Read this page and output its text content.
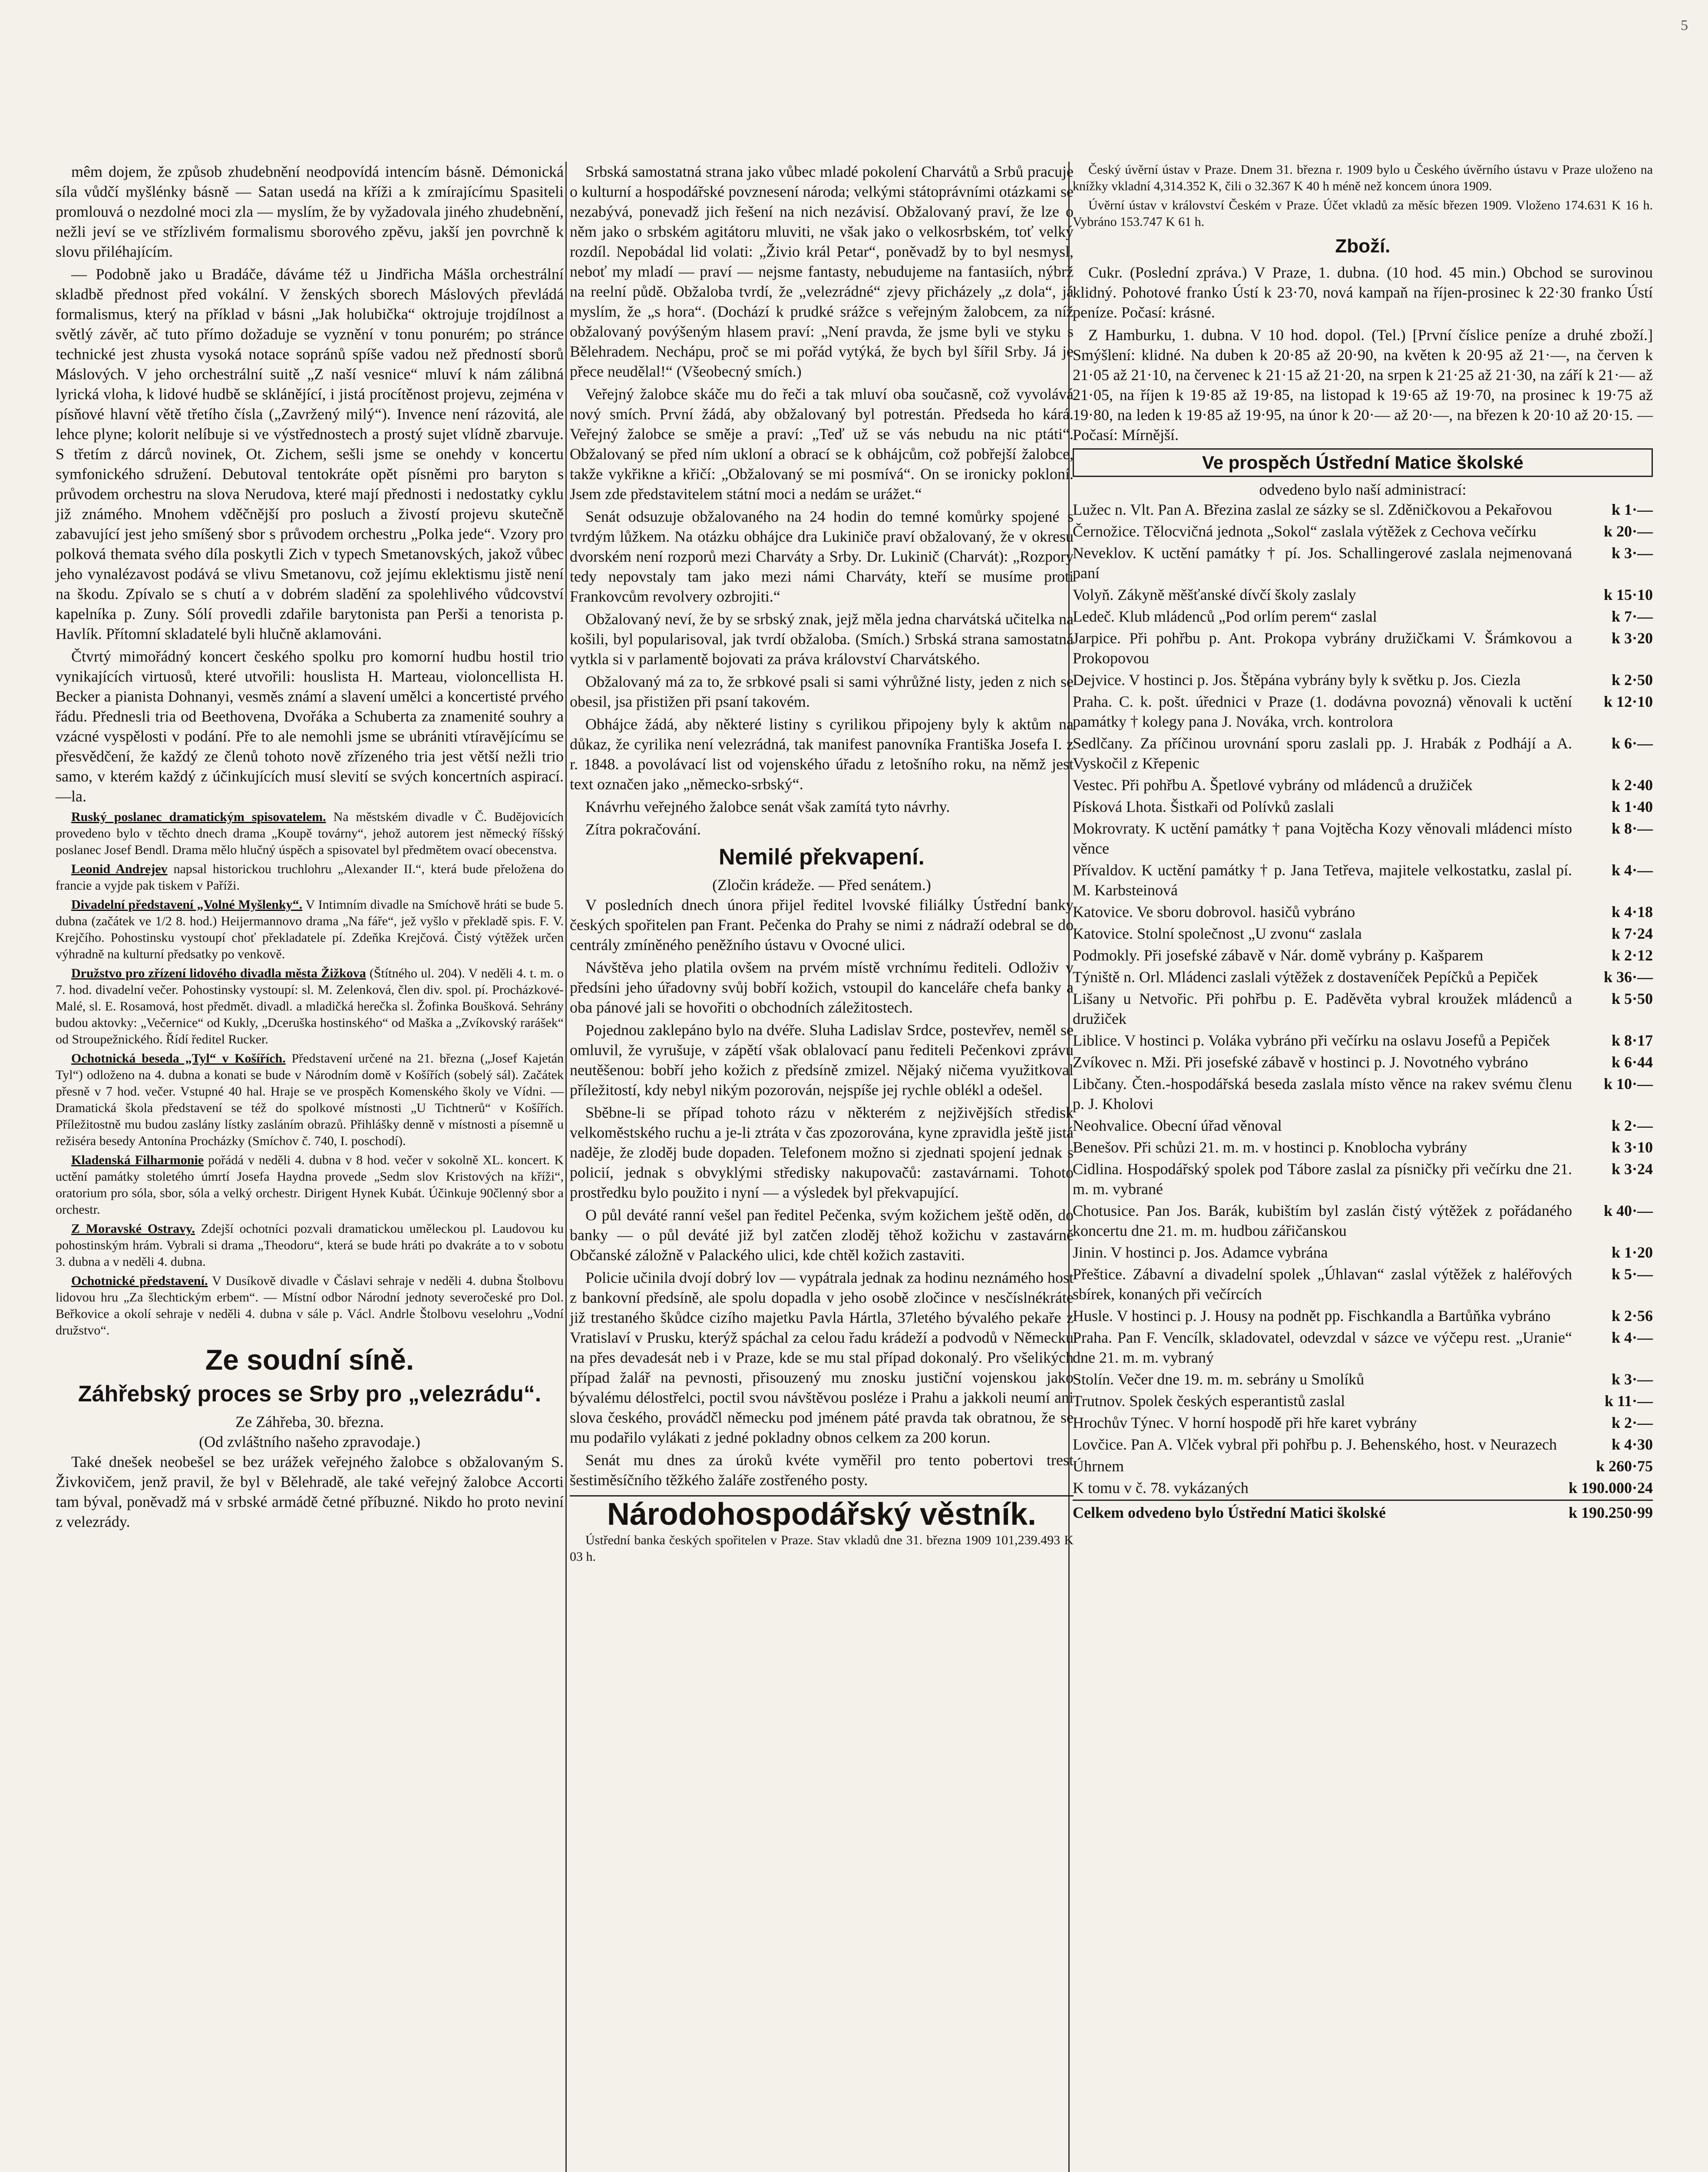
5

mêm dojem, že způsob zhudebnění neodpovídá intencím básně. Démonická síla vůdčí myšlénky básně — Satan usedá na kříži a k zmírajícímu Spasiteli promlouvá o nezdolné moci zla — myslím, že by vyžadovala jiného zhudebnění, nežli jeví se ve střízlivém formalismu sborového zpěvu, jakší jen povrchně k slovu přiléhajícím.

— Podobně jako u Bradáče, dáváme též u Jindřicha Mášla orchestrální skladbě přednost před vokální. V ženských sborech Máslových převládá formalismus, který na příklad v básni „Jak holubička“ oktrojuje trojdílnost a světlý závěr, ač tuto přímo dožaduje se vyznění v tonu ponurém; po stránce technické jest zhusta vysoká notace sopránů spíše vadou než předností sborů Máslových. V jeho orchestrální suitě „Z naší vesnice“ mluví k nám zálibná lyrická vloha, k lidové hudbě se sklánějící, i jistá procítěnost projevu, zejména v písňové hlavní větě třetího čísla („Zavržený milý“). Invence není rázovitá, ale lehce plyne; kolorit nelíbuje si ve výstřednostech a prostý sujet vlídně zbarvuje. S třetím z dárců novinek, Ot. Zichem, sešli jsme se onehdy v koncertu symfonického sdružení. Debutoval tentokráte opět písněmi pro baryton s průvodem orchestru na slova Nerudova, které mají přednosti i nedostatky cyklu již známého. Mnohem vděčnější pro posluch a živostí projevu skutečně zabavující jest jeho smíšený sbor s průvodem orchestru „Polka jede“. Vzory pro polková themata svého díla poskytli Zich v typech Smetanovských, jakož vůbec jeho vynalézavost podává se vlivu Smetanovu, což jejímu eklektismu jistě není na škodu. Zpívalo se s chutí a v dobrém sladění za spolehlivého vůdcovství kapelníka p. Zuny. Sólí provedli zdařile barytonista pan Perši a tenorista p. Havlík. Přítomní skladatelé byli hlučně aklamováni.

Čtvrtý mimořádný koncert českého spolku pro komorní hudbu hostil trio vynikajících virtuosů, které utvořili: houslista H. Marteau, violoncellista H. Becker a pianista Dohnanyi, vesměs známí a slavení umělci a koncertisté prvého řádu. Přednesli tria od Beethovena, Dvořáka a Schuberta za znamenité souhry a vzácné vyspělosti v podání. Pře to ale nemohli jsme se ubrániti vtíravějícímu se přesvědčení, že každý ze členů tohoto nově zřízeného tria jest větší nežli trio samo, v kterém každý z účinkujících musí slevití se svých koncertních aspirací. —la.

Ruský poslanec dramatickým spisovatelem. Na městském divadle v Č. Budějovicích provedeno bylo v těchto dnech drama „Koupě továrny“, jehož autorem jest německý říšský poslanec Josef Bendl. Drama mělo hlučný úspěch a spisovatel byl předmětem ovací obecenstva.

Leonid Andrejev napsal historickou truchlohru „Alexander II.“, která bude přeložena do francie a vyjde pak tiskem v Paříži.

Divadelní představení „Volné Myšlenky“. V Intimním divadle na Smíchově hráti se bude 5. dubna (začátek ve 1/2 8. hod.) Heijermannovo drama „Na fáře“, jež vyšlo v překladě spis. F. V. Krejčího. Pohostinsku vystoupí choť překladatele pí. Zdeňka Krejčová. Čistý výtěžek určen výhradně na kulturní předsatky po venkově.

Družstvo pro zřízení lidového divadla města Žižkova (Štítného ul. 204). V neděli 4. t. m. o 7. hod. divadelní večer. Pohostinsky vystoupí: sl. M. Zelenková, člen div. spol. pí. Procházkové-Malé, sl. E. Rosamová, host předmět. divadl. a mladičká herečka sl. Žofinka Boušková. Sehrány budou aktovky: „Večernice“ od Kukly, „Dceruška hostinského“ od Maška a „Zvíkovský rarášek“ od Stroupežnického. Řídí ředitel Rucker.

Ochotnická beseda „Tyl“ v Košířích. Představení určené na 21. března („Josef Kajetán Tyl“) odloženo na 4. dubna a konati se bude v Národním domě v Košířích (sobelý sál). Začátek přesně v 7 hod. večer. Vstupné 40 hal. Hraje se ve prospěch Komenského školy ve Vídni. — Dramatická škola představení se též do spolkové místnosti „U Tichtnerů“ v Košířích. Příležitostně mu budou zaslány lístky zasláním obrazů. Přihlášky denně v místnosti a písemně u režiséra besedy Antonína Procházky (Smíchov č. 740, I. poschodí).

Kladenská Filharmonie pořádá v neděli 4. dubna v 8 hod. večer v sokolně XL. koncert. K uctění památky stoletého úmrtí Josefa Haydna provede „Sedm slov Kristových na kříži“, oratorium pro sóla, sbor, sóla a velký orchestr. Dirigent Hynek Kubát. Účinkuje 90členný sbor a orchestr.

Z Moravské Ostravy. Zdejší ochotníci pozvali dramatickou uměleckou pl. Laudovou ku pohostinským hrám. Vybrali si drama „Theodoru“, která se bude hráti po dvakráte a to v sobotu 3. dubna a v neděli 4. dubna.

Ochotnické představení. V Dusíkově divadle v Čáslavi sehraje v neděli 4. dubna Štolbovu lidovou hru „Za šlechtickým erbem“. — Místní odbor Národní jednoty severočeské pro Dol. Beřkovice a okolí sehraje v neděli 4. dubna v sále p. Václ. Andrle Štolbovu veselohru „Vodní družstvo“.

Ze soudní síně.
Záhřebský proces se Srby pro „velezrádu“.
Ze Záhřeba, 30. března.
(Od zvláštního našeho zpravodaje.)

Také dnešek neobešel se bez urážek veřejného žalobce s obžalovaným S. Živkovičem, jenž pravil, že byl v Bělehradě, ale také veřejný žalobce Accorti tam býval, poněvadž má v srbské armádě četné příbuzné. Nikdo ho proto neviní z velezrády.

Srbská samostatná strana jako vůbec mladé pokolení Charvátů a Srbů pracuje o kulturní a hospodářské povznesení národa; velkými státoprávními otázkami se nezabývá, ponevadž jich řešení na nich nezávisí. Obžalovaný praví, že lze o něm jako o srbském agitátoru mluviti, ne však jako o velkosrbském, toť velký rozdíl. Nepobádal lid volati: „Živio král Petar“, poněvadž by to byl nesmysl, neboť my mladí — praví — nejsme fantasty, nebudujeme na fantasiích, nýbrž na reelní půdě. Obžaloba tvrdí, že „velezrádné“ zjevy přicházely „z dola“, já myslím, že „s hora“. (Dochází k prudké srážce s veřejným žalobcem, za níž obžalovaný povýšeným hlasem praví: „Není pravda, že jsme byli ve styku s Bělehradem. Nechápu, proč se mi pořád vytýká, že bych byl šířil Srby. Já je přece neudělal!“ (Všeobecný smích.)

Veřejný žalobce skáče mu do řeči a tak mluví oba současně, což vyvolává nový smích. První žádá, aby obžalovaný byl potrestán. Předseda ho kárá. Veřejný žalobce se směje a praví: „Teď už se vás nebudu na nic ptáti“. Obžalovaný se před ním ukloní a obrací se k obhájcům, což pobřejší žalobce, takže vykřikne a křičí: „Obžalovaný se mi posmívá“. On se ironicky pokloní. Jsem zde představitelem státní moci a nedám se urážet.“

Senát odsuzuje obžalovaného na 24 hodin do temné komůrky spojené s tvrdým lůžkem. Na otázku obhájce dra Lukiniče praví obžalovaný, že v okresu dvorském není rozporů mezi Charváty a Srby. Dr. Lukinič (Charvát): „Rozpory tedy nepovstaly tam jako mezi námi Charváty, kteří se musíme proti Frankovcům revolvery ozbrojiti.“

Obžalovaný neví, že by se srbský znak, jejž měla jedna charvátská učitelka na košili, byl popularisoval, jak tvrdí obžaloba. (Smích.) Srbská strana samostatná vytkla si v parlamentě bojovati za práva království Charvátského.

Obžalovaný má za to, že srbkové psali si sami výhrůžné listy, jeden z nich se obesil, jsa přistižen při psaní takovém.

Obhájce žádá, aby některé listiny s cyrilikou připojeny byly k aktům na důkaz, že cyrilika není velezrádná, tak manifest panovníka Františka Josefa I. z r. 1848. a povolávací list od vojenského úřadu z letošního roku, na němž jest text označen jako „německo-srbský“.

Knávrhu veřejného žalobce senát však zamítá tyto návrhy.

Zítra pokračování.

Nemilé překvapení.
(Zločin krádeže. — Před senátem.)

V posledních dnech února přijel ředitel lvovské filiálky Ústřední banky českých spořitelen pan Frant. Pečenka do Prahy se nimi z nádraží odebral se do centrály zmíněného peněžního ústavu v Ovocné ulici.

Návštěva jeho platila ovšem na prvém místě vrchnímu řediteli. Odloživ v předsíni jeho úřadovny svůj bobří kožich, vstoupil do kanceláře chefa banky a oba pánové jali se hovořiti o obchodních záležitostech.

Pojednou zaklepáno bylo na dvéře. Sluha Ladislav Srdce, postevřev, neměl se omluvil, že vyrušuje, v zápětí však oblalovací panu řediteli Pečenkovi zprávu neutěšenou: bobří jeho kožich z předsíně zmizel. Nějaký ničema využitkoval příležitostí, kdy nebyl nikým pozorován, nejspíše jej rychle oblékl a odešel.

Sběbne-li se případ tohoto rázu v některém z nejživějších středisk velkoměstského ruchu a je-li ztráta v čas zpozorována, kyne zpravidla ještě jistá naděje, že zloděj bude dopaden. Telefonem možno si zjednati spojení jednak s policií, jednak s obvyklými středisky nakupovačů: zastavárnami. Tohoto prostředku bylo použito i nyní — a výsledek byl překvapující.

O půl deváté ranní vešel pan ředitel Pečenka, svým kožichem ještě oděn, do banky — o půl deváté již byl zatčen zloděj těhož kožichu v zastavárně Občanské záložně v Palackého ulici, kde chtěl kožich zastaviti.

Policie učinila dvojí dobrý lov — vypátrala jednak za hodinu neznámého host z bankovní předsíně, ale spolu dopadla v jeho osobě zločince v nesčíslnékráte již trestaného škůdce cizího majetku Pavla Hártla, 37letého bývalého pekaře z Vratislaví v Prusku, kterýž spáchal za celou řadu krádeží a podvodů v Německu na přes devadesát neb i v Praze, kde se mu stal případ dokonalý. Pro všelikých případ žalář na pevnosti, přisouzený mu znosku justiční vojenskou jako bývalému délostřelci, poctil svou návštěvou posléze i Prahu a jakkoli neumí ani slova českého, provádčl německu pod jménem páté pravda tak obratnou, že se mu podařilo vylákati z jedné pokladny obnos celkem za 200 korun.

Senát mu dnes za úroků kvéte vyměřil pro tento pobertovi trest šestiměsíčního těžkého žaláře zostřeného posty.

Národohospodářský věstník.

Ústřední banka českých spořitelen v Praze. Stav vkladů dne 31. března 1909 101,239.493 K 03 h.

Český úvěrní ústav v Praze. Dnem 31. března r. 1909 bylo u Českého úvěrního ústavu v Praze uloženo na knížky vkladní 4,314.352 K, čili o 32.367 K 40 h méně než koncem února 1909.

Úvěrní ústav v království Českém v Praze. Účet vkladů za měsíc březen 1909. Vloženo 174.631 K 16 h. Vybráno 153.747 K 61 h.

Zboží.

Cukr. (Poslední zpráva.) V Praze, 1. dubna. (10 hod. 45 min.) Obchod se surovinou klidný. Pohotové franko Ústí k 23·70, nová kampaň na říjen-prosinec k 22·30 franko Ústí peníze. Počasí: krásné.

Z Hamburku, 1. dubna. V 10 hod. dopol. (Tel.) [První číslice peníze a druhé zboží.] Smýšlení: klidné. Na duben k 20·85 až 20·90, na květen k 20·95 až 21·—, na červen k 21·05 až 21·10, na červenec k 21·15 až 21·20, na srpen k 21·25 až 21·30, na září k 21·— až 21·05, na říjen k 19·85 až 19·85, na listopad k 19·65 až 19·70, na prosinec k 19·75 až 19·80, na leden k 19·85 až 19·95, na únor k 20·— až 20·—, na březen k 20·10 až 20·15. — Počasí: Mírnější.

Ve prospěch Ústřední Matice školské
odvedeno bylo naší administrací:
Lužec n. Vlt. Pan A. Březina zaslal ze sázky se sl. Zděničkovou a Pekařovou	k 1·—
Černožice. Tělocvičná jednota „Sokol“ zaslala výtěžek z Cechova večírku	k 20·—
Neveklov. K uctění památky † pí. Jos. Schallingerové zaslala nejmenovaná paní
k 3·—
Volyň. Zákyně měšťanské dívčí školy zaslaly	k 15·10
Ledeč. Klub mládenců „Pod orlím perem“ zaslal	k 7·—
Jarpice. Při pohřbu p. Ant. Prokopa vybrány družičkami V. Šrámkovou a Prokopovou
k 3·20
Dejvice. V hostinci p. Jos. Štěpána vybrány byly k světku p. Jos. Ciezla	k 2·50
Praha. C. k. pošt. úřednici v Praze (1. dodávna povozná) věnovali k uctění památky † kolegy pana J. Nováka, vrch. kontrolora
k 12·10
Sedlčany. Za příčinou urovnání sporu zaslali pp. J. Hrabák z Podhájí a A. Vyskočil z Křepenic
k 6·—
Vestec. Při pohřbu A. Špetlové vybrány od mládenců a družiček	k 2·40
Písková Lhota. Šistkaři od Polívků zaslali	k 1·40
Mokrovraty. K uctění památky † pana Vojtěcha Kozy věnovali mládenci místo věnce
k 8·—
Přívaldov. K uctění památky † p. Jana Tetřeva, majitele velkostatku, zaslal pí. M. Karbsteinová
k 4·—
Katovice. Ve sboru dobrovol. hasičů vybráno	k 4·18
Katovice. Stolní společnost „U zvonu“ zaslala	k 7·24
Podmokly. Při josefské zábavě v Nár. domě vybrány p. Kašparem	k 2·12
Týniště n. Orl. Mládenci zaslali výtěžek z dostaveníček Pepíčků a Pepiček	k 36·—
Lišany u Netvořic. Při pohřbu p. E. Paděvěta vybral kroužek mládenců a družiček
k 5·50
Liblice. V hostinci p. Voláka vybráno při večírku na oslavu Josefů a Pepiček	k 8·17
Zvíkovec n. Mži. Při josefské zábavě v hostinci p. J. Novotného vybráno	k 6·44
Libčany. Čten.-hospodářská beseda zaslala místo věnce na rakev svému členu p. J. Kholovi
k 10·—
Neohvalice. Obecní úřad věnoval	k 2·—
Benešov. Při schůzi 21. m. m. v hostinci p. Knoblocha vybrány	k 3·10
Cidlina. Hospodářský spolek pod Tábore zaslal za písničky při večírku dne 21. m. m. vybrané
k 3·24
Chotusice. Pan Jos. Barák, kubištím byl zaslán čistý výtěžek z pořádaného koncertu dne 21. m. m. hudbou zářičanskou
k 40·—
Jinin. V hostinci p. Jos. Adamce vybrána	k 1·20
Přeštice. Zábavní a divadelní spolek „Úhlavan“ zaslal výtěžek z haléřových sbírek, konaných při večírcích
k 5·—
Husle. V hostinci p. J. Housy na podnět pp. Fischkandla a Bartůňka vybráno	k 2·56
Praha. Pan F. Vencílk, skladovatel, odevzdal v sázce ve výčepu rest. „Uranie“ dne 21. m. m. vybraný
k 4·—
Stolín. Večer dne 19. m. m. sebrány u Smolíků	k 3·—
Trutnov. Spolek českých esperantistů zaslal	k 11·—
Hrochův Týnec. V horní hospodě při hře karet vybrány	k 2·—
Lovčice. Pan A. Vlček vybral při pohřbu p. J. Behenského, host. v Neurazech	k 4·30
Úhrnem	k 260·75
K tomu v č. 78. vykázaných	k 190.000·24
Celkem odvedeno bylo Ústřední Matici školské	k 190.250·99
